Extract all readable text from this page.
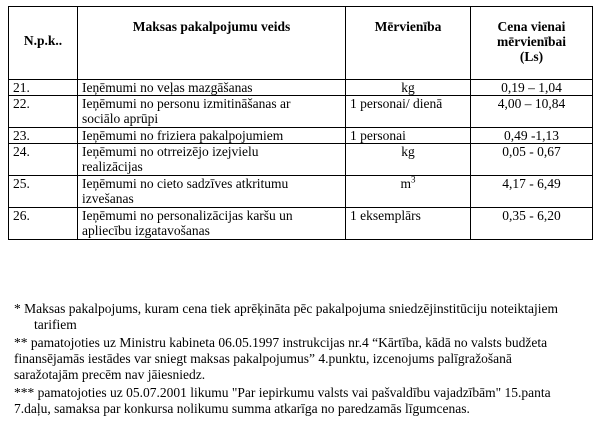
N.p.k..	Maksas pakalpojumu veids	Mērvienība	Cena vienai
mērvienībai
(Ls)

21.	Ieņēmumi no veļas mazgāšanas	kg	0,19 – 1,04
22.	Ieņēmumi no personu izmitināšanas ar
sociālo aprūpi	1 personai/ dienā	4,00 – 10,84
23.	Ieņēmumi no friziera pakalpojumiem	1 personai	0,49 -1,13
24.	Ieņēmumi no otrreizējo izejvielu
realizācijas	kg	0,05 - 0,67
25.	Ieņēmumi no cieto sadzīves atkritumu
izvešanas	$m^3$	4,17 - 6,49
26.	Ieņēmumi no personalizācijas karšu un
apliecību izgatavošanas	1 eksemplārs	0,35 - 6,20
* Maksas pakalpojums, kuram cena tiek aprēķināta pēc pakalpojuma sniedzējinstitūciju noteiktajiem
tarifiem
** pamatojoties uz Ministru kabineta 06.05.1997 instrukcijas nr.4 “Kārtība, kādā no valsts budžeta
finansējamās iestādes var sniegt maksas pakalpojumus” 4.punktu, izcenojums palīgražošanā
saražotajām precēm nav jāiesniedz.
*** pamatojoties uz 05.07.2001 likumu "Par iepirkumu valsts vai pašvaldību vajadzībām" 15.panta
7.daļu, samaksa par konkursa nolikumu summa atkarīga no paredzamās līgumcenas.
